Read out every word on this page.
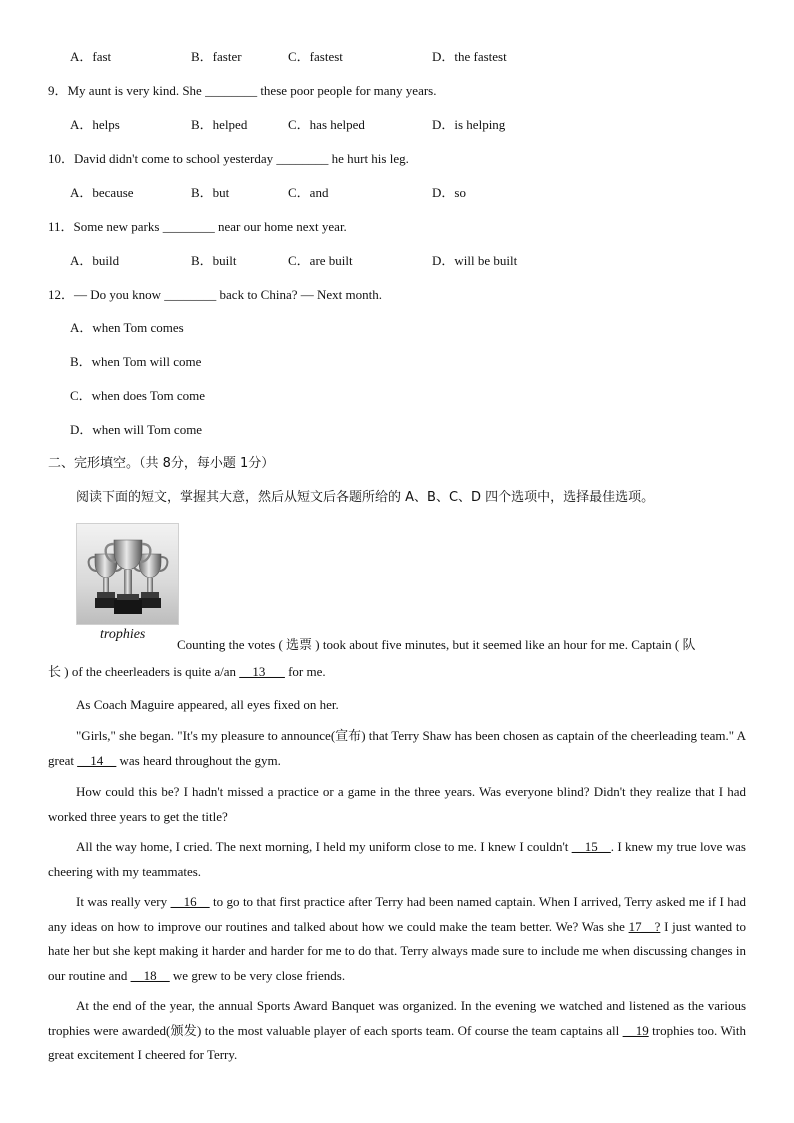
A．fast	B．faster	C．fastest	D．the fastest
9．My aunt is very kind. She ________ these poor people for many years.
A．helps	B．helped	C．has helped	D．is helping
10．David didn't come to school yesterday ________ he hurt his leg.
A．because	B．but	C．and	D．so
11．Some new parks ________ near our home next year.
A．build	B．built	C．are built	D．will be built
12．— Do you know ________ back to China? — Next month.
A．when Tom comes
B．when Tom will come
C．when does Tom come
D．when will Tom come
二、完形填空。（共 8分，每小题 1分）
阅读下面的短文，掌握其大意，然后从短文后各题所给的 A、B、C、D 四个选项中，选择最佳选项。
trophies
Counting the votes ( 选票 ) took about five minutes, but it seemed like an hour for me. Captain ( 队
长 ) of the cheerleaders is quite a/an __13___ for me.
As Coach Maguire appeared, all eyes fixed on her.
"Girls," she began. "It's my pleasure to announce(宣布) that Terry Shaw has been chosen as captain of the cheerleading team." A great __14__ was heard throughout the gym.
How could this be? I hadn't missed a practice or a game in the three years. Was everyone blind? Didn't they realize that I had worked three years to get the title?
All the way home, I cried. The next morning, I held my uniform close to me. I knew I couldn't __15__. I knew my true love was cheering with my teammates.
It was really very __16__ to go to that first practice after Terry had been named captain. When I arrived, Terry asked me if I had any ideas on how to improve our routines and talked about how we could make the team better. We? Was she 17__? I just wanted to hate her but she kept making it harder and harder for me to do that. Terry always made sure to include me when discussing changes in our routine and __18__ we grew to be very close friends.
At the end of the year, the annual Sports Award Banquet was organized. In the evening we watched and listened as the various trophies were awarded(颁发) to the most valuable player of each sports team. Of course the team captains all __19 trophies too. With great excitement I cheered for Terry.
